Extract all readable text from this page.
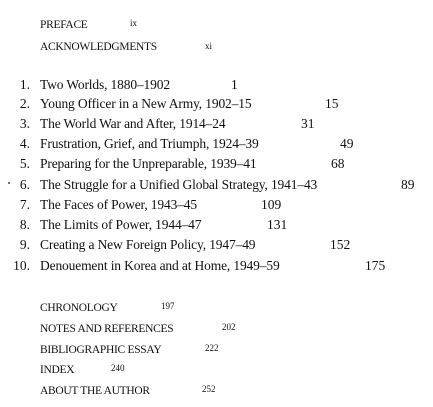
PREFACE	ix
ACKNOWLEDGMENTS	xi
1. Two Worlds, 1880–1902	1
2. Young Officer in a New Army, 1902–15	15
3. The World War and After, 1914–24	31
4. Frustration, Grief, and Triumph, 1924–39	49
5. Preparing for the Unpreparable, 1939–41	68
6. The Struggle for a Unified Global Strategy, 1941–43	89
7. The Faces of Power, 1943–45	109
8. The Limits of Power, 1944–47	131
9. Creating a New Foreign Policy, 1947–49	152
10. Denouement in Korea and at Home, 1949–59	175
CHRONOLOGY	197
NOTES AND REFERENCES	202
BIBLIOGRAPHIC ESSAY	222
INDEX	240
ABOUT THE AUTHOR	252
